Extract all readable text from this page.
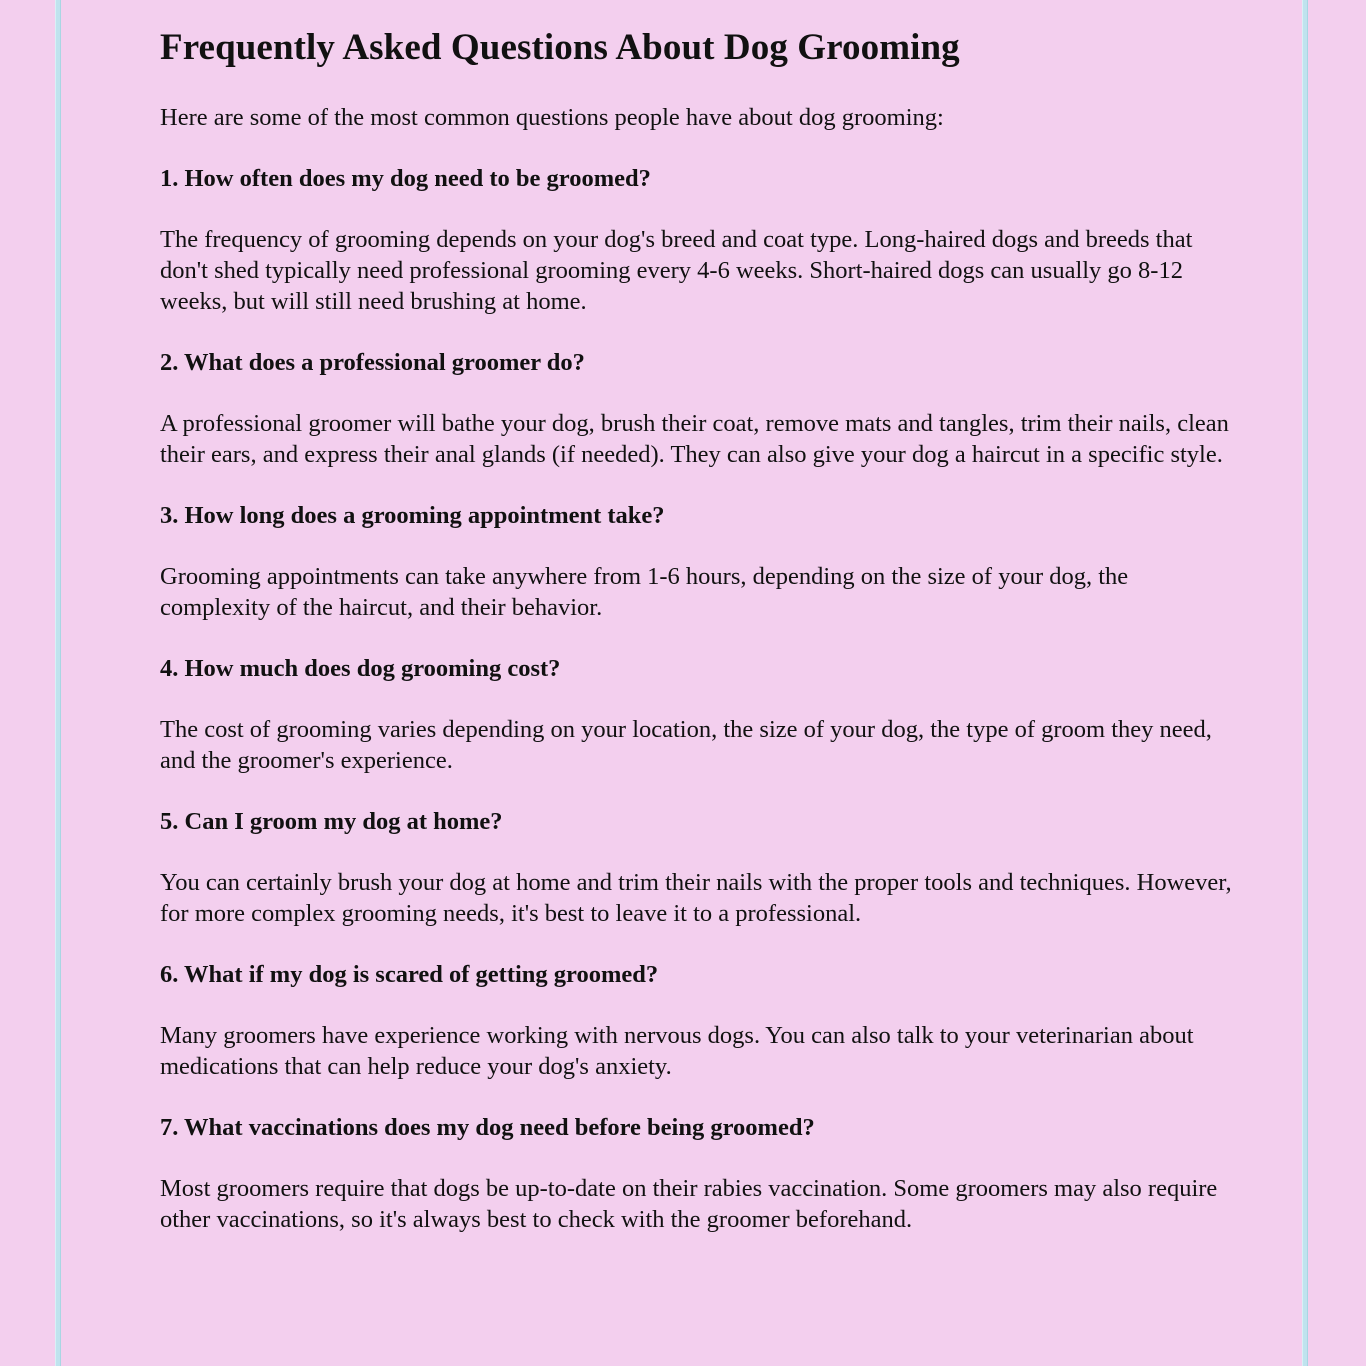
Frequently Asked Questions About Dog Grooming

Here are some of the most common questions people have about dog grooming:

1. How often does my dog need to be groomed?

The frequency of grooming depends on your dog's breed and coat type. Long-haired dogs and breeds that don't shed typically need professional grooming every 4-6 weeks. Short-haired dogs can usually go 8-12 weeks, but will still need brushing at home.

2. What does a professional groomer do?

A professional groomer will bathe your dog, brush their coat, remove mats and tangles, trim their nails, clean their ears, and express their anal glands (if needed). They can also give your dog a haircut in a specific style.

3. How long does a grooming appointment take?

Grooming appointments can take anywhere from 1-6 hours, depending on the size of your dog, the complexity of the haircut, and their behavior.

4. How much does dog grooming cost?

The cost of grooming varies depending on your location, the size of your dog, the type of groom they need, and the groomer's experience.

5. Can I groom my dog at home?

You can certainly brush your dog at home and trim their nails with the proper tools and techniques. However, for more complex grooming needs, it's best to leave it to a professional.

6. What if my dog is scared of getting groomed?

Many groomers have experience working with nervous dogs. You can also talk to your veterinarian about medications that can help reduce your dog's anxiety.

7. What vaccinations does my dog need before being groomed?

Most groomers require that dogs be up-to-date on their rabies vaccination. Some groomers may also require other vaccinations, so it's always best to check with the groomer beforehand.
